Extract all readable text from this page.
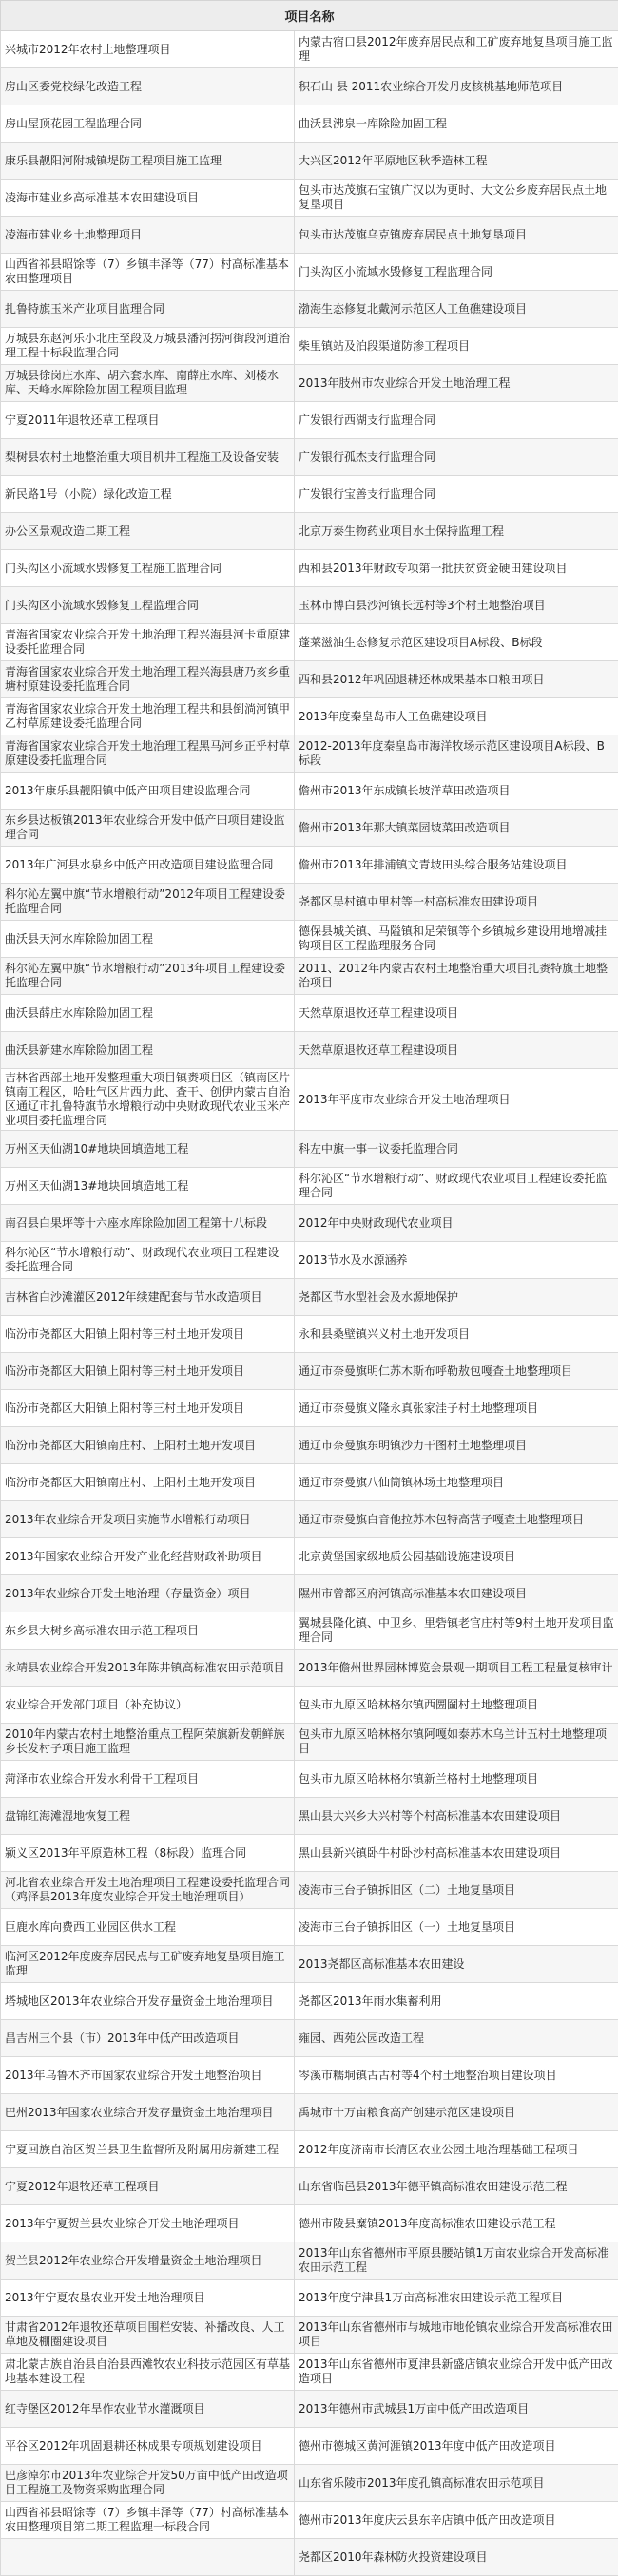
项目名称	
兴城市2012年农村土地整理项目	内蒙古宿口县2012年废弃居民点和工矿废弃地复垦项目施工监理
房山区委党校绿化改造工程	积石山 县 2011农业综合开发丹皮核桃基地师范项目
房山屋顶花园工程监理合同	曲沃县沸泉一库除险加固工程
康乐县靓阳河附城镇堤防工程项目施工监理	大兴区2012年平原地区秋季造林工程
凌海市建业乡高标准基本农田建设项目	包头市达茂旗石宝镇广汉以为更时、大文公乡废弃居民点土地复垦项目
凌海市建业乡土地整理项目	包头市达茂旗乌克镇废弃居民点土地复垦项目
山西省祁县昭馀等（7）乡镇丰泽等（77）村高标准基本农田整理项目	门头沟区小流域水毁修复工程监理合同
扎鲁特旗玉米产业项目监理合同	渤海生态修复北戴河示范区人工鱼礁建设项目
万城县东赵河乐小北庄至段及万城县潘河拐河街段河道治理工程十标段监理合同	柴里镇站及泊段渠道防渗工程项目
万城县徐岗庄水库、胡六套水库、南薛庄水库、刘楼水库、天峰水库除险加固工程项目监理	2013年肢州市农业综合开发土地治理工程
宁夏2011年退牧还草工程项目	广发银行西湖支行监理合同
梨树县农村土地整治重大项目机井工程施工及设备安装	广发银行孤杰支行监理合同
新民路1号（小院）绿化改造工程	广发银行宝善支行监理合同
办公区景观改造二期工程	北京万泰生物药业项目水土保持监理工程
门头沟区小流域水毁修复工程施工监理合同	西和县2013年财政专项第一批扶贫资金硬田建设项目
门头沟区小流域水毁修复工程监理合同	玉林市博白县沙河镇长远村等3个村土地整治项目
青海省国家农业综合开发土地治理工程兴海县河卡重原建设委托监理合同	蓬莱滋油生态修复示范区建设项目A标段、B标段
青海省国家农业综合开发土地治理工程兴海县唐乃亥乡重塘村原建设委托监理合同	西和县2012年巩固退耕还林成果基本口粮田项目
青海省国家农业综合开发土地治理工程共和县倒淌河镇甲乙村草原建设委托监理合同	2013年度秦皇岛市人工鱼礁建设项目
青海省国家农业综合开发土地治理工程黑马河乡正乎村草原建设委托监理合同	2012-2013年度秦皇岛市海洋牧场示范区建设项目A标段、B标段
2013年康乐县靓阳镇中低产田项目建设监理合同	儋州市2013年东成镇长坡洋草田改造项目
东乡县达板镇2013年农业综合开发中低产田项目建设监理合同	儋州市2013年那大镇菜园坡菜田改造项目
2013年广河县水泉乡中低产田改造项目建设监理合同	儋州市2013年排浦镇文青坡田头综合服务站建设项目
科尔沁左翼中旗“节水增粮行动”2012年项目工程建设委托监理合同	尧都区吴村镇屯里村等一村高标准农田建设项目
曲沃县天河水库除险加固工程	德保县城关镇、马隘镇和足荣镇等个乡镇城乡建设用地增减挂钩项目区工程监理服务合同
科尔沁左翼中旗“节水增粮行动”2013年项目工程建设委托监理合同	2011、2012年内蒙古农村土地整治重大项目扎赉特旗土地整治项目
曲沃县薛庄水库除险加固工程	天然草原退牧还草工程建设项目
曲沃县新建水库除险加固工程	天然草原退牧还草工程建设项目
吉林省西部土地开发整理重大项目镇赉项目区（镇南区片镇南工程区，哈吐气区片西力此、查干、创伊内蒙古自治区通辽市扎鲁特旗节水增粮行动中央财政现代农业玉米产业项目委托监理合同	2013年平度市农业综合开发土地治理项目
万州区天仙湖10#地块回填造地工程	科左中旗一事一议委托监理合同
万州区天仙湖13#地块回填造地工程	科尔沁区“节水增粮行动”、财政现代农业项目工程建设委托监理合同
南召县白果坪等十六座水库除险加固工程第十八标段	2012年中央财政现代农业项目
科尔沁区“节水增粮行动”、财政现代农业项目工程建设委托监理合同	2013节水及水源涵养
吉林省白沙滩灌区2012年续建配套与节水改造项目	尧都区节水型社会及水源地保护
临汾市尧都区大阳镇上阳村等三村土地开发项目	永和县桑壁镇兴义村土地开发项目
临汾市尧都区大阳镇上阳村等三村土地开发项目	通辽市奈曼旗明仁苏木斯布呼勒敖包嘎查土地整理项目
临汾市尧都区大阳镇上阳村等三村土地开发项目	通辽市奈曼旗义隆永真张家洼子村土地整理项目
临汾市尧都区大阳镇南庄村、上阳村土地开发项目	通辽市奈曼旗东明镇沙力干图村土地整理项目
临汾市尧都区大阳镇南庄村、上阳村土地开发项目	通辽市奈曼旗八仙筒镇林场土地整理项目
2013年农业综合开发项目实施节水增粮行动项目	通辽市奈曼旗白音他拉苏木包特高营子嘎查土地整理项目
2013年国家农业综合开发产业化经营财政补助项目	北京黄堡国家级地质公园基础设施建设项目
2013年农业综合开发土地治理（存量资金）项目	隰州市曾都区府河镇高标准基本农田建设项目
东乡县大树乡高标准农田示范工程项目	翼城县隆化镇、中卫乡、里砦镇老官庄村等9村土地开发项目监理合同
永靖县农业综合开发2013年陈井镇高标准农田示范项目	2013年儋州世界园林博览会景观一期项目工程工程量复核审计
农业综合开发部门项目（补充协议）	包头市九原区哈林格尔镇西圐圙村土地整理项目
2010年内蒙古农村土地整治重点工程阿荣旗新发朝鲜族乡长发村子项目施工监理	包头市九原区哈林格尔镇阿嘎如泰苏木乌兰计五村土地整理项目
菏泽市农业综合开发水利骨干工程项目	包头市九原区哈林格尔镇新兰格村土地整理项目
盘锦红海滩湿地恢复工程	黑山县大兴乡大兴村等个村高标准基本农田建设项目
颍义区2013年平原造林工程（8标段）监理合同	黑山县新兴镇卧牛村卧沙村高标准基本农田建设项目
河北省农业综合开发土地治理项目工程建设委托监理合同（鸡泽县2013年度农业综合开发土地治理项目）	凌海市三台子镇拆旧区（二）土地复垦项目
巨鹿水库向费西工业园区供水工程	凌海市三台子镇拆旧区（一）土地复垦项目
临河区2012年度废弃居民点与工矿废弃地复垦项目施工监理	2013尧都区高标准基本农田建设
塔城地区2013年农业综合开发存量资金土地治理项目	尧都区2013年雨水集蓄利用
昌吉州三个县（市）2013年中低产田改造项目	雍园、西苑公园改造工程
2013年乌鲁木齐市国家农业综合开发土地整治项目	岑溪市糯垌镇古古村等4个村土地整治项目建设项目
巴州2013年国家农业综合开发存量资金土地治理项目	禹城市十万亩粮食高产创建示范区建设项目
宁夏回族自治区贺兰县卫生监督所及附属用房新建工程	2012年度济南市长清区农业公园土地治理基础工程项目
宁夏2012年退牧还草工程项目	山东省临邑县2013年德平镇高标准农田建设示范工程
2013年宁夏贺兰县农业综合开发土地治理项目	德州市陵县糜镇2013年度高标准农田建设示范工程
贺兰县2012年农业综合开发增量资金土地治理项目	2013年山东省德州市平原县腰站镇1万亩农业综合开发高标准农田示范工程
2013年宁夏农垦农业开发土地治理项目	2013年度宁津县1万亩高标准农田建设示范工程项目
甘肃省2012年退牧还草项目围栏安装、补播改良、人工草地及棚圈建设项目	2013年山东省德州市与城地市地伦镇农业综合开发高标准农田项目
肃北蒙古族自治县自治县西滩牧农业科技示范园区有草基地基本建设工程	2013年山东省德州市夏津县新盛店镇农业综合开发中低产田改造项目
红寺堡区2012年旱作农业节水灌溉项目	2013年德州市武城县1万亩中低产田改造项目
平谷区2012年巩固退耕还林成果专项规划建设项目	德州市德城区黄河涯镇2013年度中低产田改造项目
巴彦淖尔市2013年农业综合开发50万亩中低产田改造项目工程施工及物资采购监理合同	山东省乐陵市2013年度孔镇高标准农田示范项目
山西省祁县昭馀等（7）乡镇丰泽等（77）村高标准基本农田整理项目第二期工程监理一标段合同	德州市2013年度庆云县东辛店镇中低产田改造项目
	尧都区2010年森林防火投资建设项目
